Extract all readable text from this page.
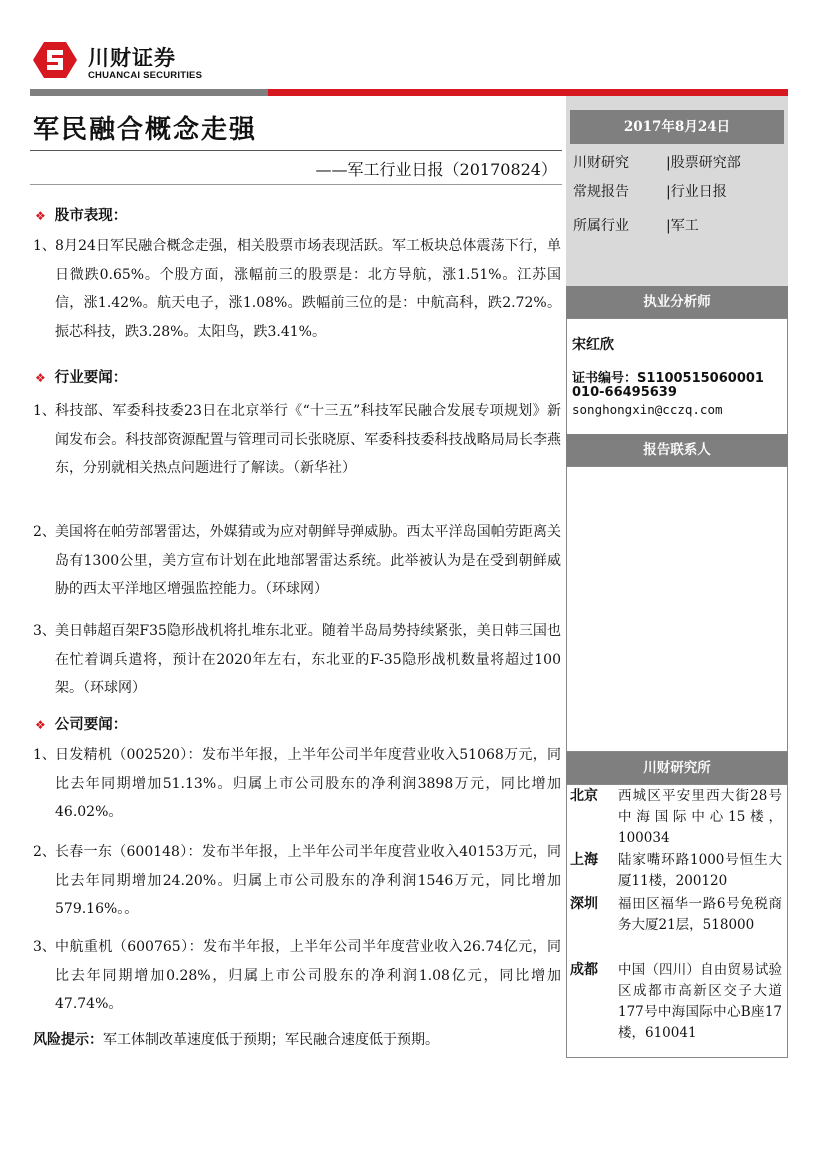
川财证券
CHUANCAI SECURITIES
军民融合概念走强
——军工行业日报（20170824）
❖ 股市表现：
1、 8月24日军民融合概念走强，相关股票市场表现活跃。军工板块总体震荡下行，单日微跌0.65%。个股方面，涨幅前三的股票是：北方导航，涨1.51%。江苏国信，涨1.42%。航天电子，涨1.08%。跌幅前三位的是：中航高科，跌2.72%。振芯科技，跌3.28%。太阳鸟，跌3.41%。
❖ 行业要闻：
1、 科技部、军委科技委23日在北京举行《“十三五”科技军民融合发展专项规划》新闻发布会。科技部资源配置与管理司司长张晓原、军委科技委科技战略局局长李燕东，分别就相关热点问题进行了解读。（新华社）
2、 美国将在帕劳部署雷达，外媒猜或为应对朝鲜导弹威胁。西太平洋岛国帕劳距离关岛有1300公里，美方宣布计划在此地部署雷达系统。此举被认为是在受到朝鲜威胁的西太平洋地区增强监控能力。（环球网）
3、 美日韩超百架F35隐形战机将扎堆东北亚。随着半岛局势持续紧张，美日韩三国也在忙着调兵遣将，预计在2020年左右，东北亚的F-35隐形战机数量将超过100架。（环球网）
❖ 公司要闻：
1、 日发精机（002520）：发布半年报，上半年公司半年度营业收入51068万元，同比去年同期增加51.13%。归属上市公司股东的净利润3898万元，同比增加46.02%。
2、 长春一东（600148）：发布半年报，上半年公司半年度营业收入40153万元，同比去年同期增加24.20%。归属上市公司股东的净利润1546万元，同比增加579.16%。。
3、 中航重机（600765）：发布半年报，上半年公司半年度营业收入26.74亿元，同比去年同期增加0.28%，归属上市公司股东的净利润1.08亿元，同比增加47.74%。
风险提示：军工体制改革速度低于预期；军民融合速度低于预期。
2017年8月24日
川财研究	|股票研究部
常规报告	|行业日报
所属行业	|军工
执业分析师
宋红欣
证书编号：S1100515060001
010-66495639
songhongxin@cczq.com
报告联系人
川财研究所
北京 西城区平安里西大街28号中海国际中心15楼，100034
上海 陆家嘴环路1000号恒生大厦11楼，200120
深圳 福田区福华一路6号免税商务大厦21层，518000
成都 中国（四川）自由贸易试验区成都市高新区交子大道177号中海国际中心B座17楼，610041
